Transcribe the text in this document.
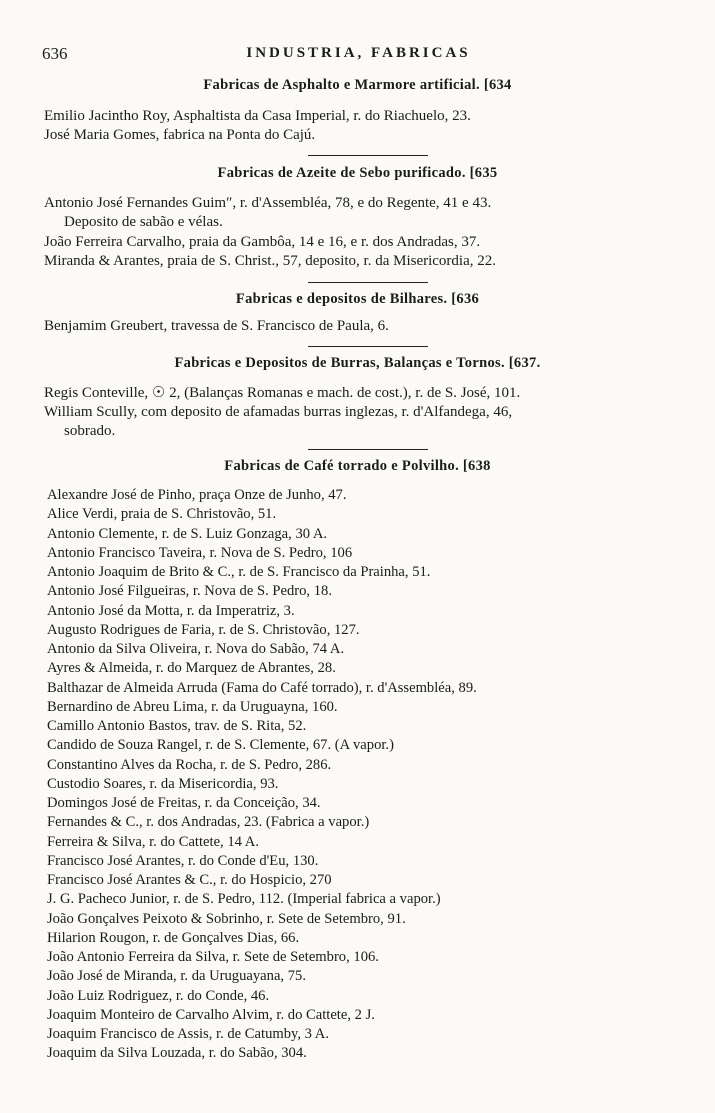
636	INDUSTRIA, FABRICAS
Fabricas de Asphalto e Marmore artificial. [634
Emilio Jacintho Roy, Asphaltista da Casa Imperial, r. do Riachuelo, 23.
José Maria Gomes, fabrica na Ponta do Cajú.
Fabricas de Azeite de Sebo purificado. [635
Antonio José Fernandes Guim″, r. d'Assembléa, 78, e do Regente, 41 e 43.
Deposito de sabão e vélas.
João Ferreira Carvalho, praia da Gambôa, 14 e 16, e r. dos Andradas, 37.
Miranda & Arantes, praia de S. Christ., 57, deposito, r. da Misericordia, 22.
Fabricas e depositos de Bilhares. [636
Benjamim Greubert, travessa de S. Francisco de Paula, 6.
Fabricas e Depositos de Burras, Balanças e Tornos. [637.
Regis Conteville, ☉ 2, (Balanças Romanas e mach. de cost.), r. de S. José, 101.
William Scully, com deposito de afamadas burras inglezas, r. d'Alfandega, 46,
sobrado.
Fabricas de Café torrado e Polvilho. [638
Alexandre José de Pinho, praça Onze de Junho, 47.
Alice Verdi, praia de S. Christovão, 51.
Antonio Clemente, r. de S. Luiz Gonzaga, 30 A.
Antonio Francisco Taveira, r. Nova de S. Pedro, 106
Antonio Joaquim de Brito & C., r. de S. Francisco da Prainha, 51.
Antonio José Filgueiras, r. Nova de S. Pedro, 18.
Antonio José da Motta, r. da Imperatriz, 3.
Augusto Rodrigues de Faria, r. de S. Christovão, 127.
Antonio da Silva Oliveira, r. Nova do Sabão, 74 A.
Ayres & Almeida, r. do Marquez de Abrantes, 28.
Balthazar de Almeida Arruda (Fama do Café torrado), r. d'Assembléa, 89.
Bernardino de Abreu Lima, r. da Uruguayna, 160.
Camillo Antonio Bastos, trav. de S. Rita, 52.
Candido de Souza Rangel, r. de S. Clemente, 67. (A vapor.)
Constantino Alves da Rocha, r. de S. Pedro, 286.
Custodio Soares, r. da Misericordia, 93.
Domingos José de Freitas, r. da Conceição, 34.
Fernandes & C., r. dos Andradas, 23. (Fabrica a vapor.)
Ferreira & Silva, r. do Cattete, 14 A.
Francisco José Arantes, r. do Conde d'Eu, 130.
Francisco José Arantes & C., r. do Hospicio, 270
J. G. Pacheco Junior, r. de S. Pedro, 112. (Imperial fabrica a vapor.)
João Gonçalves Peixoto & Sobrinho, r. Sete de Setembro, 91.
Hilarion Rougon, r. de Gonçalves Dias, 66.
João Antonio Ferreira da Silva, r. Sete de Setembro, 106.
João José de Miranda, r. da Uruguayana, 75.
João Luiz Rodriguez, r. do Conde, 46.
Joaquim Monteiro de Carvalho Alvim, r. do Cattete, 2 J.
Joaquim Francisco de Assis, r. de Catumby, 3 A.
Joaquim da Silva Louzada, r. do Sabão, 304.
